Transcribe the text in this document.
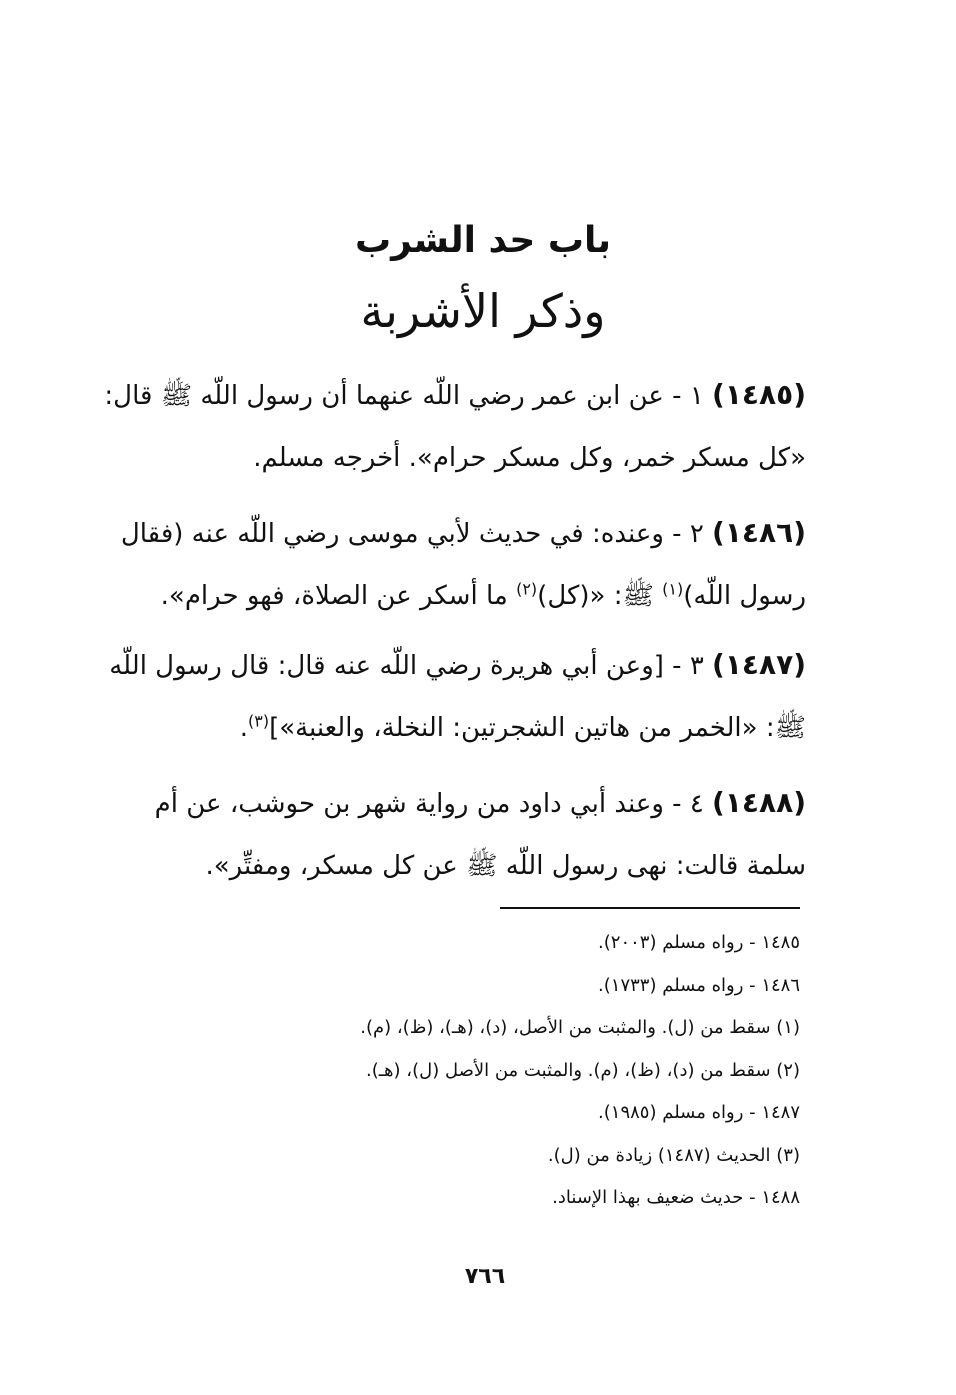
باب حد الشرب
وذكر الأشربة

(١٤٨٥) ١ - عن ابن عمر رضي اللّه عنهما أن رسول اللّه ﷺ قال: «كل مسكر خمر، وكل مسكر حرام». أخرجه مسلم.

(١٤٨٦) ٢ - وعنده: في حديث لأبي موسى رضي اللّه عنه (فقال رسول اللّه)$^{(١)}$ ﷺ: «(كل)$^{(٢)}$ ما أسكر عن الصلاة، فهو حرام».

(١٤٨٧) ٣ - [وعن أبي هريرة رضي اللّه عنه قال: قال رسول اللّه ﷺ: «الخمر من هاتين الشجرتين: النخلة، والعنبة»]$^{(٣)}$.

(١٤٨٨) ٤ - وعند أبي داود من رواية شهر بن حوشب، عن أم سلمة قالت: نهى رسول اللّه ﷺ عن كل مسكر، ومفتِّر».

١٤٨٥ - رواه مسلم (٢٠٠٣).
١٤٨٦ - رواه مسلم (١٧٣٣).
(١) سقط من (ل). والمثبت من الأصل، (د)، (هـ)، (ظ)، (م).
(٢) سقط من (د)، (ظ)، (م). والمثبت من الأصل (ل)، (هـ).
١٤٨٧ - رواه مسلم (١٩٨٥).
(٣) الحديث (١٤٨٧) زيادة من (ل).
١٤٨٨ - حديث ضعيف بهذا الإسناد.
٧٦٦
